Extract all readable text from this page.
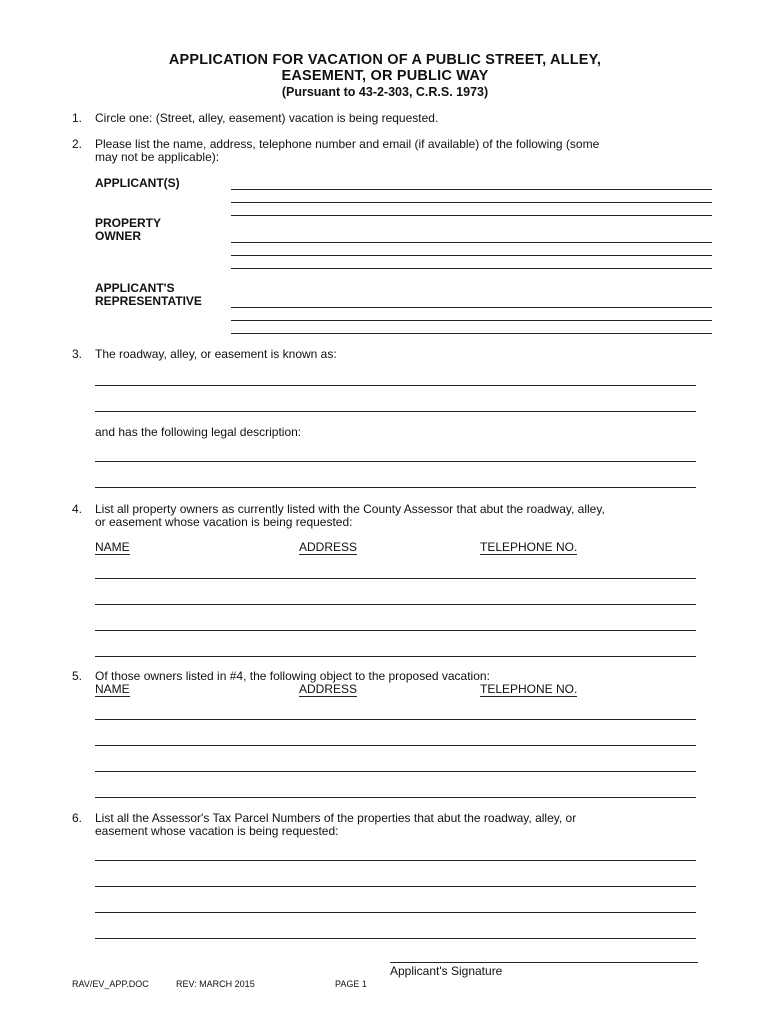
APPLICATION FOR VACATION OF A PUBLIC STREET, ALLEY,
EASEMENT, OR PUBLIC WAY
(Pursuant to 43-2-303, C.R.S. 1973)
1. Circle one: (Street, alley, easement) vacation is being requested.
2. Please list the name, address, telephone number and email (if available) of the following (some
may not be applicable):
APPLICANT(S)
PROPERTY
OWNER
APPLICANT'S
REPRESENTATIVE
3. The roadway, alley, or easement is known as:
and has the following legal description:
4. List all property owners as currently listed with the County Assessor that abut the roadway, alley,
or easement whose vacation is being requested:
NAME	ADDRESS	TELEPHONE NO.
5. Of those owners listed in #4, the following object to the proposed vacation:
NAME	ADDRESS	TELEPHONE NO.
6. List all the Assessor's Tax Parcel Numbers of the properties that abut the roadway, alley, or
easement whose vacation is being requested:
Applicant's Signature
RAV/EV_APP.DOC	REV: MARCH 2015	PAGE 1
